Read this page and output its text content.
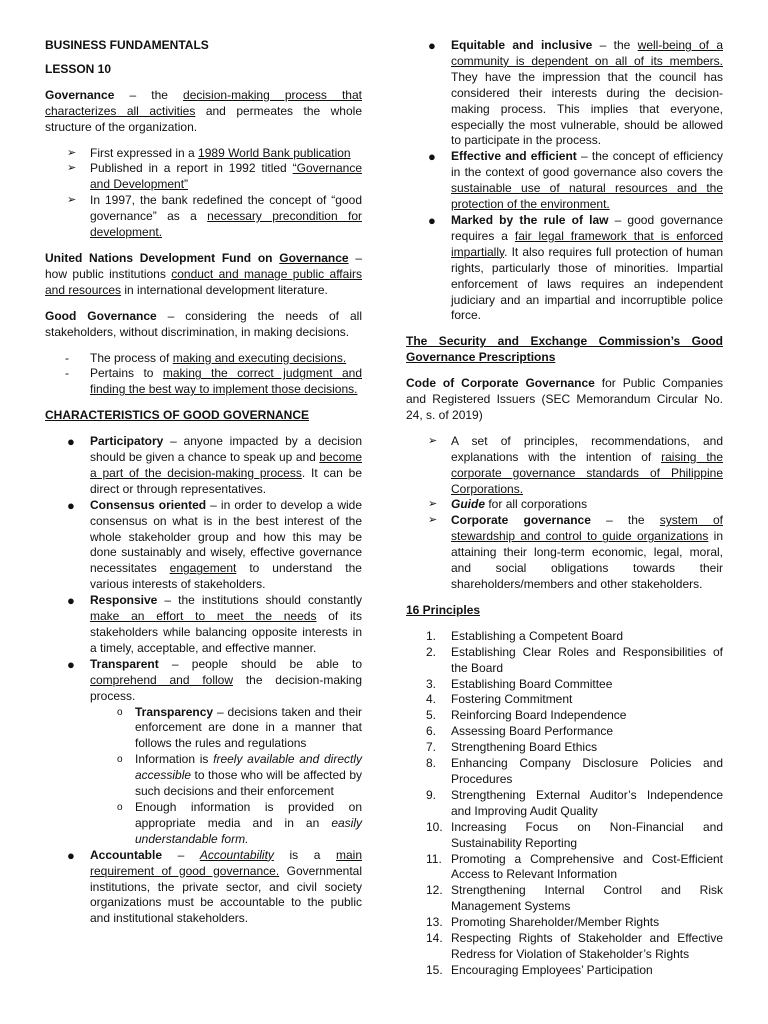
BUSINESS FUNDAMENTALS
LESSON 10

Governance – the decision-making process that characterizes all activities and permeates the whole structure of the organization.

➢ First expressed in a 1989 World Bank publication
➢ Published in a report in 1992 titled “Governance and Development”
➢ In 1997, the bank redefined the concept of “good governance” as a necessary precondition for development.

United Nations Development Fund on Governance – how public institutions conduct and manage public affairs and resources in international development literature.

Good Governance – considering the needs of all stakeholders, without discrimination, in making decisions.

- The process of making and executing decisions.
- Pertains to making the correct judgment and finding the best way to implement those decisions.

CHARACTERISTICS OF GOOD GOVERNANCE

● Participatory – anyone impacted by a decision should be given a chance to speak up and become a part of the decision-making process. It can be direct or through representatives.
● Consensus oriented – in order to develop a wide consensus on what is in the best interest of the whole stakeholder group and how this may be done sustainably and wisely, effective governance necessitates engagement to understand the various interests of stakeholders.
● Responsive – the institutions should constantly make an effort to meet the needs of its stakeholders while balancing opposite interests in a timely, acceptable, and effective manner.
● Transparent – people should be able to comprehend and follow the decision-making process.
o Transparency – decisions taken and their enforcement are done in a manner that follows the rules and regulations
o Information is freely available and directly accessible to those who will be affected by such decisions and their enforcement
o Enough information is provided on appropriate media and in an easily understandable form.
● Accountable – Accountability is a main requirement of good governance. Governmental institutions, the private sector, and civil society organizations must be accountable to the public and institutional stakeholders.
● Equitable and inclusive – the well-being of a community is dependent on all of its members. They have the impression that the council has considered their interests during the decision-making process. This implies that everyone, especially the most vulnerable, should be allowed to participate in the process.
● Effective and efficient – the concept of efficiency in the context of good governance also covers the sustainable use of natural resources and the protection of the environment.
● Marked by the rule of law – good governance requires a fair legal framework that is enforced impartially. It also requires full protection of human rights, particularly those of minorities. Impartial enforcement of laws requires an independent judiciary and an impartial and incorruptible police force.

The Security and Exchange Commission’s Good Governance Prescriptions

Code of Corporate Governance for Public Companies and Registered Issuers (SEC Memorandum Circular No. 24, s. of 2019)

➢ A set of principles, recommendations, and explanations with the intention of raising the corporate governance standards of Philippine Corporations.
➢ Guide for all corporations
➢ Corporate governance – the system of stewardship and control to guide organizations in attaining their long-term economic, legal, moral, and social obligations towards their shareholders/members and other stakeholders.

16 Principles

1. Establishing a Competent Board
2. Establishing Clear Roles and Responsibilities of the Board
3. Establishing Board Committee
4. Fostering Commitment
5. Reinforcing Board Independence
6. Assessing Board Performance
7. Strengthening Board Ethics
8. Enhancing Company Disclosure Policies and Procedures
9. Strengthening External Auditor’s Independence and Improving Audit Quality
10. Increasing Focus on Non-Financial and Sustainability Reporting
11. Promoting a Comprehensive and Cost-Efficient Access to Relevant Information
12. Strengthening Internal Control and Risk Management Systems
13. Promoting Shareholder/Member Rights
14. Respecting Rights of Stakeholder and Effective Redress for Violation of Stakeholder’s Rights
15. Encouraging Employees’ Participation
